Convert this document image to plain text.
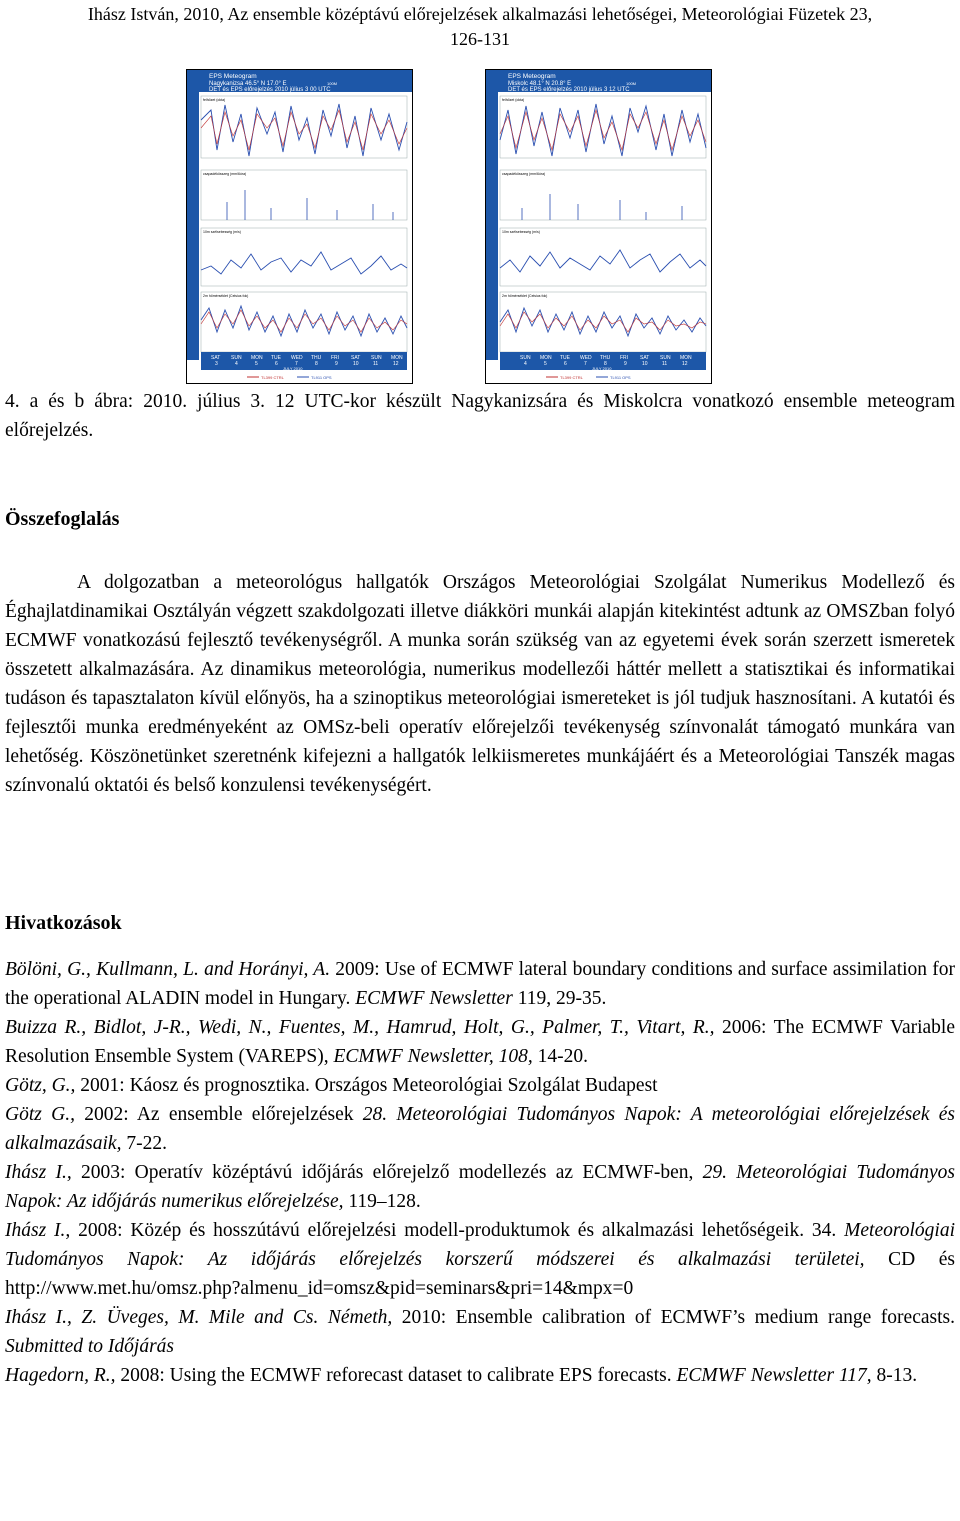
Ihász István, 2010, Az ensemble középtávú előrejelzések alkalmazási lehetőségei, Meteorológiai Füzetek 23,
126-131
EPS Meteogram
Nagykanizsa 46.5° N 17.0° E	100M
DET és EPS előrejelzés 2010 július 3 00 UTC
felhőzet (okta)
csapadékösszeg (mm/6óra)
10m szélsebesség (m/s)
2m hőmérséklet (Celsius fok)
SAT SUN MON TUE WED THU FRI SAT SUN MON
3	4	5	6	7	8	9	10	11	12
JULY 2010
TL399 CTRL	TL911 OPS
EPS Meteogram
Miskolc 48.1° N 20.8° E	100M
DET és EPS előrejelzés 2010 július 3 12 UTC
felhőzet (okta)
csapadékösszeg (mm/6óra)
10m szélsebesség (m/s)
2m hőmérséklet (Celsius fok)
SUN MON TUE WED THU FRI SAT SUN MON
4	5	6	7	8	9	10	11	12
JULY 2010
TL399 CTRL	TL911 OPS
4. a és b ábra: 2010. július 3. 12 UTC-kor készült Nagykanizsára és Miskolcra vonatkozó ensemble meteogram előrejelzés.
Összefoglalás
A dolgozatban a meteorológus hallgatók Országos Meteorológiai Szolgálat Numerikus Modellező és Éghajlatdinamikai Osztályán végzett szakdolgozati illetve diákköri munkái alapján kitekintést adtunk az OMSZban folyó ECMWF vonatkozású fejlesztő tevékenységről. A munka során szükség van az egyetemi évek során szerzett ismeretek összetett alkalmazására. Az dinamikus meteorológia, numerikus modellezői háttér mellett a statisztikai és informatikai tudáson és tapasztalaton kívül előnyös, ha a szinoptikus meteorológiai ismereteket is jól tudjuk hasznosítani. A kutatói és fejlesztői munka eredményeként az OMSz-beli operatív előrejelzői tevékenység színvonalát támogató munkára van lehetőség. Köszönetünket szeretnénk kifejezni a hallgatók lelkiismeretes munkájáért és a Meteorológiai Tanszék magas színvonalú oktatói és belső konzulensi tevékenységért.
Hivatkozások

Bölöni, G., Kullmann, L. and Horányi, A. 2009: Use of ECMWF lateral boundary conditions and surface assimilation for the operational ALADIN model in Hungary. ECMWF Newsletter 119, 29-35.

Buizza R., Bidlot, J-R., Wedi, N., Fuentes, M., Hamrud, Holt, G., Palmer, T., Vitart, R., 2006: The ECMWF Variable Resolution Ensemble System (VAREPS), ECMWF Newsletter, 108, 14-20.

Götz, G., 2001: Káosz és prognosztika. Országos Meteorológiai Szolgálat Budapest

Götz G., 2002: Az ensemble előrejelzések 28. Meteorológiai Tudományos Napok: A meteorológiai előrejelzések és alkalmazásaik, 7-22.

Ihász I., 2003: Operatív középtávú időjárás előrejelző modellezés az ECMWF-ben, 29. Meteorológiai Tudományos Napok: Az időjárás numerikus előrejelzése, 119–128.

Ihász I., 2008: Közép és hosszútávú előrejelzési modell-produktumok és alkalmazási lehetőségeik. 34. Meteorológiai Tudományos Napok: Az időjárás előrejelzés korszerű módszerei és alkalmazási területei, CD és http://www.met.hu/omsz.php?almenu_id=omsz&pid=seminars&pri=14&mpx=0

Ihász I., Z. Üveges, M. Mile and Cs. Németh, 2010: Ensemble calibration of ECMWF’s medium range forecasts. Submitted to Időjárás

Hagedorn, R., 2008: Using the ECMWF reforecast dataset to calibrate EPS forecasts. ECMWF Newsletter 117, 8-13.
